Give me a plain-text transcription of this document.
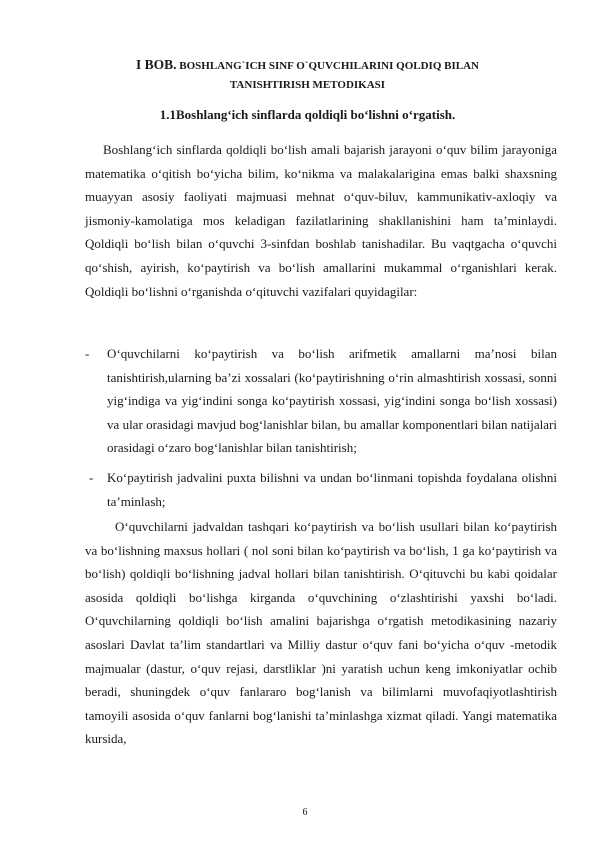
I BOB. BOSHLANG`ICH SINF O`QUVCHILARINI QOLDIQ BILAN
TANISHTIRISH METODIKASI
1.1Boshlang‘ich sinflarda qoldiqli bo‘lishni o‘rgatish.

Boshlang‘ich sinflarda qoldiqli bo‘lish amali bajarish jarayoni o‘quv bilim jarayoniga matematika o‘qitish bo‘yicha bilim, ko‘nikma va malakalarigina emas balki shaxsning muayyan asosiy faoliyati majmuasi mehnat o‘quv-biluv, kammunikativ-axloqiy va jismoniy-kamolatiga mos keladigan fazilatlarining shakllanishini ham ta’minlaydi. Qoldiqli bo‘lish bilan o‘quvchi 3-sinfdan boshlab tanishadilar. Bu vaqtgacha o‘quvchi qo‘shish, ayirish, ko‘paytirish va bo‘lish amallarini mukammal o‘rganishlari kerak. Qoldiqli bo‘lishni o‘rganishda o‘qituvchi vazifalari quyidagilar:

- O‘quvchilarni ko‘paytirish va bo‘lish arifmetik amallarni ma’nosi bilan tanishtirish,ularning ba’zi xossalari (ko‘paytirishning o‘rin almashtirish xossasi, sonni yig‘indiga va yig‘indini songa ko‘paytirish xossasi, yig‘indini songa bo‘lish xossasi) va ular orasidagi mavjud bog‘lanishlar bilan, bu amallar komponentlari bilan natijalari orasidagi o‘zaro bog‘lanishlar bilan tanishtirish;
- Ko‘paytirish jadvalini puxta bilishni va undan bo‘linmani topishda foydalana olishni ta’minlash;

O‘quvchilarni jadvaldan tashqari ko‘paytirish va bo‘lish usullari bilan ko‘paytirish va bo‘lishning maxsus hollari ( nol soni bilan ko‘paytirish va bo‘lish, 1 ga ko‘paytirish va bo‘lish) qoldiqli bo‘lishning jadval hollari bilan tanishtirish. O‘qituvchi bu kabi qoidalar asosida qoldiqli bo‘lishga kirganda o‘quvchining o‘zlashtirishi yaxshi bo‘ladi. O‘quvchilarning qoldiqli bo‘lish amalini bajarishga o‘rgatish metodikasining nazariy asoslari Davlat ta’lim standartlari va Milliy dastur o‘quv fani bo‘yicha o‘quv -metodik majmualar (dastur, o‘quv rejasi, darstliklar )ni yaratish uchun keng imkoniyatlar ochib beradi, shuningdek o‘quv fanlararo bog‘lanish va bilimlarni muvofaqiyotlashtirish tamoyili asosida o‘quv fanlarni bog‘lanishi ta’minlashga xizmat qiladi. Yangi matematika kursida,

6
